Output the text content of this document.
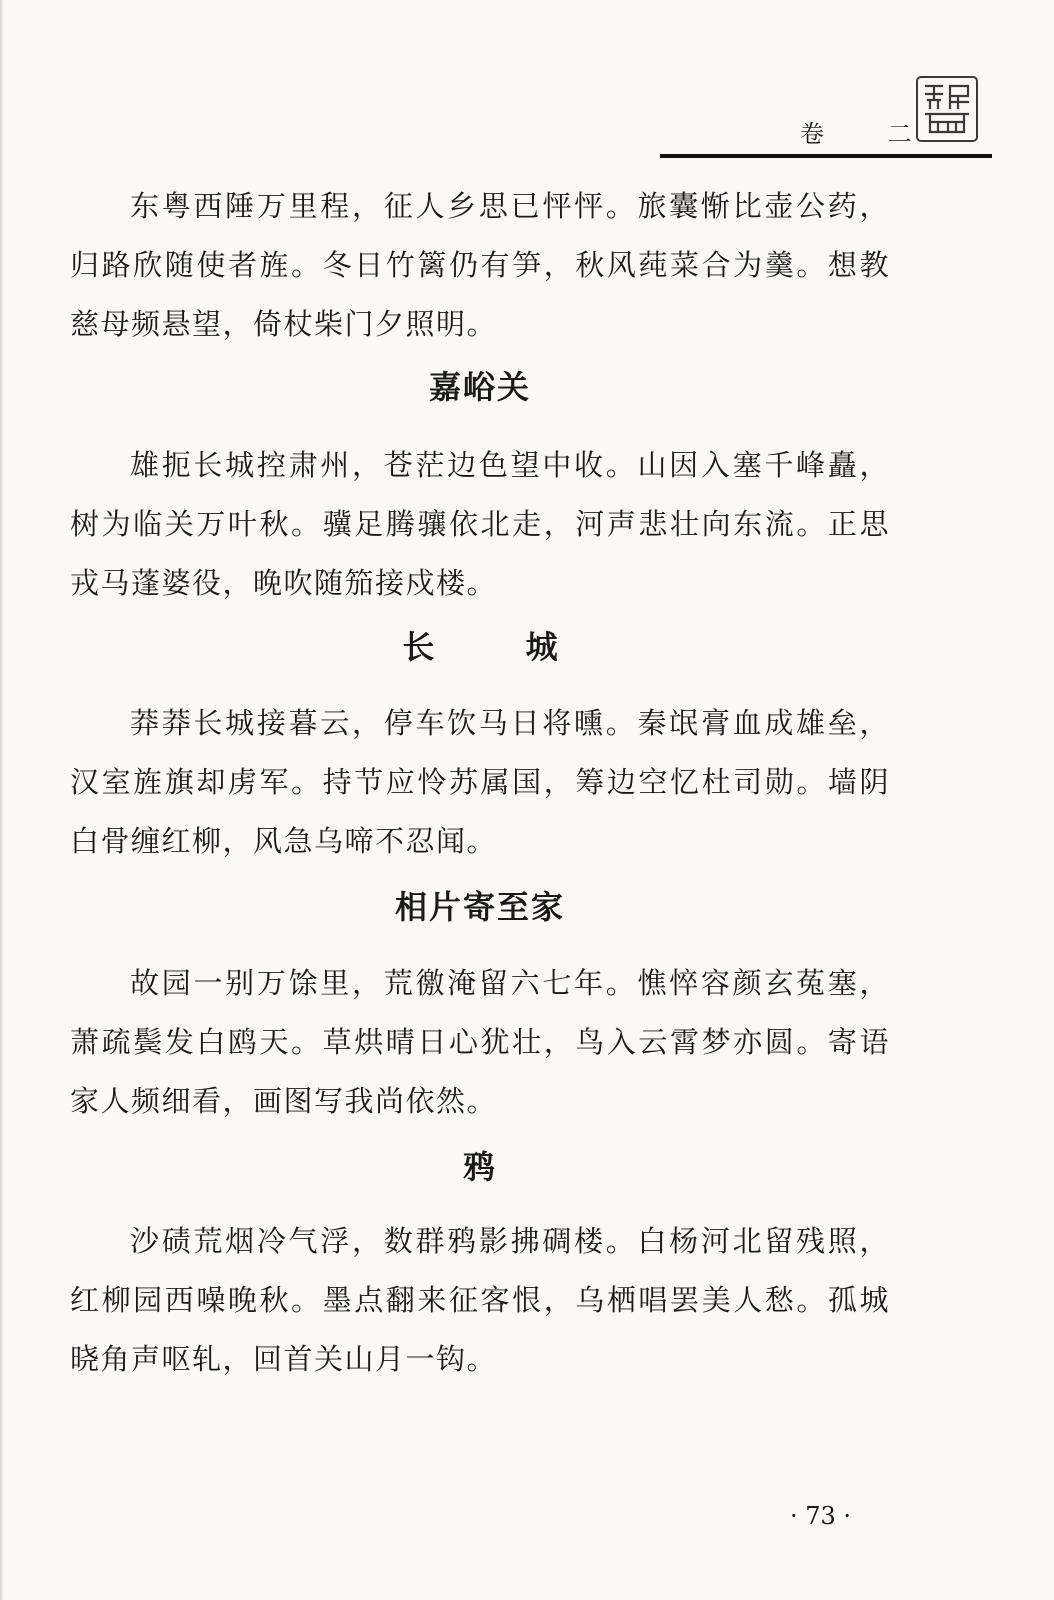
卷 二

东粤西陲万里程，征人乡思已怦怦。旅囊惭比壶公药，归路欣随使者旌。冬日竹篱仍有笋，秋风莼菜合为羹。想教慈母频悬望，倚杖柴门夕照明。

嘉峪关

雄扼长城控肃州，苍茫边色望中收。山因入塞千峰矗，树为临关万叶秋。骥足腾骧依北走，河声悲壮向东流。正思戎马蓬婆役，晚吹随笳接戍楼。

长 城

莽莽长城接暮云，停车饮马日将曛。秦氓膏血成雄垒，汉室旌旗却虏军。持节应怜苏属国，筹边空忆杜司勋。墙阴白骨缠红柳，风急乌啼不忍闻。

相片寄至家

故园一别万馀里，荒徼淹留六七年。憔悴容颜玄菟塞，萧疏鬓发白鸥天。草烘晴日心犹壮，鸟入云霄梦亦圆。寄语家人频细看，画图写我尚依然。

鸦

沙碛荒烟冷气浮，数群鸦影拂碉楼。白杨河北留残照，红柳园西噪晚秋。墨点翻来征客恨，乌栖唱罢美人愁。孤城晓角声呕轧，回首关山月一钩。

· 73 ·
